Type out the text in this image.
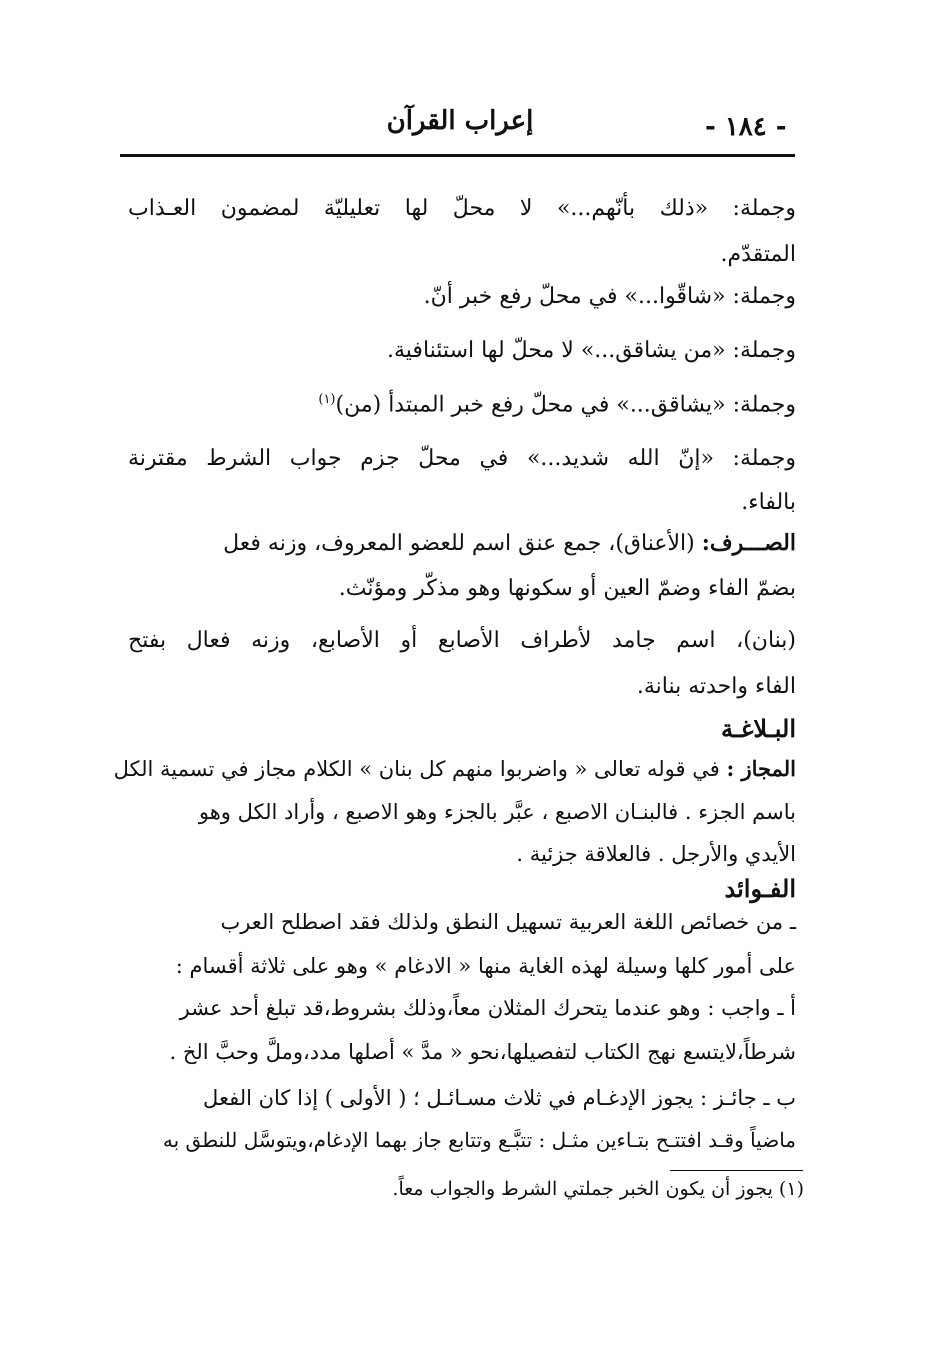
إعراب القرآن	- ١٨٤ -
وجملة: «ذلك بأنّهم...» لا محلّ لها تعليليّة لمضمون العـذاب
المتقدّم.
وجملة: «شاقّوا...» في محلّ رفع خبر أنّ.
وجملة: «من يشاقق...» لا محلّ لها استئنافية.
وجملة: «يشاقق...» في محلّ رفع خبر المبتدأ (من)$^{(١)}$
وجملة: «إنّ الله شديد...» في محلّ جزم جواب الشرط مقترنة
بالفاء.
الصـــرف: (الأعناق)، جمع عنق اسم للعضو المعروف، وزنه فعل
بضمّ الفاء وضمّ العين أو سكونها وهو مذكّر ومؤنّث.
(بنان)، اسم جامد لأطراف الأصابع أو الأصابع، وزنه فعال بفتح
الفاء واحدته بنانة.
البـلاغـة
المجاز : في قوله تعالى « واضربوا منهم كل بنان » الكلام مجاز في تسمية الكل
باسم الجزء . فالبنـان الاصبع ، عبَّر بالجزء وهو الاصبع ، وأراد الكل وهو
الأيدي والأرجل . فالعلاقة جزئية .
الفـوائد
ـ من خصائص اللغة العربية تسهيل النطق ولذلك فقد اصطلح العرب
على أمور كلها وسيلة لهذه الغاية منها « الادغام » وهو على ثلاثة أقسام :
أ ـ واجب : وهو عندما يتحرك المثلان معاً،وذلك بشروط،قد تبلغ أحد عشر
شرطاً،لايتسع نهج الكتاب لتفصيلها،نحو « مدَّ » أصلها مدد،وملَّ وحبَّ الخ .
ب ـ جائـز : يجوز الإدغـام في ثلاث مسـائـل ؛ ( الأولى ) إذا كان الفعل
ماضياً وقـد افتتـح بتـاءين مثـل : تتبَّـع وتتابع جاز بهما الإدغام،ويتوسَّل للنطق به
(١) يجوز أن يكون الخبر جملتي الشرط والجواب معاً.
